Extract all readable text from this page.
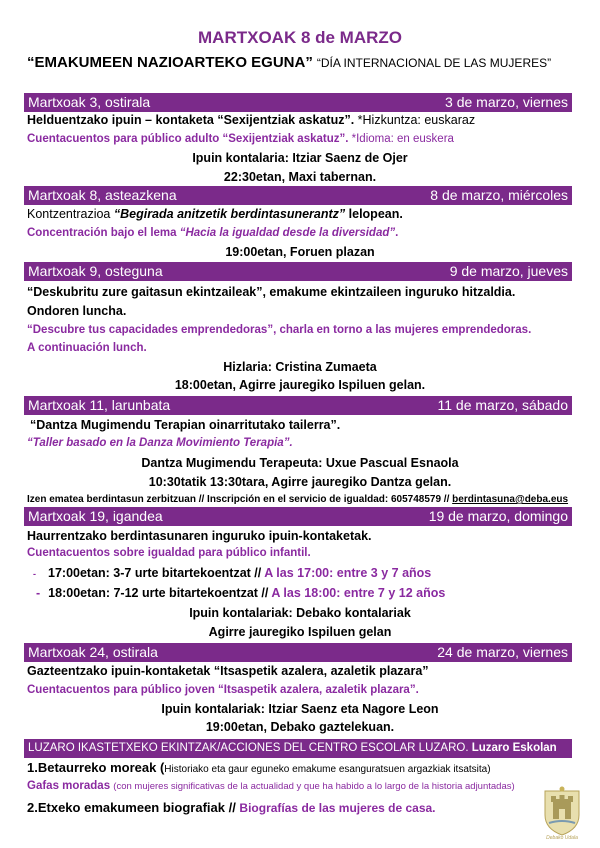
MARTXOAK 8 de MARZO
“EMAKUMEEN NAZIOARTEKO EGUNA” “DÍA INTERNACIONAL DE LAS MUJERES”
Martxoak 3, ostirala	3 de marzo, viernes
Helduentzako ipuin – kontaketa “Sexijentziak askatuz”. *Hizkuntza: euskaraz
Cuentacuentos para público adulto “Sexijentziak askatuz”. *Idioma: en euskera
Ipuin kontalaria: Itziar Saenz de Ojer
22:30etan, Maxi tabernan.
Martxoak 8, asteazkena	8 de marzo, miércoles
Kontzentrazioa “Begirada anitzetik berdintasunerantz” lelopean.
Concentración bajo el lema “Hacia la igualdad desde la diversidad”.
19:00etan, Foruen plazan
Martxoak 9, osteguna	9 de marzo, jueves
“Deskubritu zure gaitasun ekintzaileak”, emakume ekintzaileen inguruko hitzaldia.
Ondoren luncha.
“Descubre tus capacidades emprendedoras”, charla en torno a las mujeres emprendedoras.
A continuación lunch.
Hizlaria: Cristina Zumaeta
18:00etan, Agirre jauregiko Ispiluen gelan.
Martxoak 11, larunbata	11 de marzo, sábado
“Dantza Mugimendu Terapian oinarritutako tailerra”.
“Taller basado en la Danza Movimiento Terapia”.
Dantza Mugimendu Terapeuta: Uxue Pascual Esnaola
10:30tatik 13:30tara, Agirre jauregiko Dantza gelan.
Izen ematea berdintasun zerbitzuan // Inscripción en el servicio de igualdad: 605748579 // berdintasuna@deba.eus
Martxoak 19, igandea	19 de marzo, domingo
Haurrentzako berdintasunaren inguruko ipuin-kontaketak.
Cuentacuentos sobre igualdad para público infantil.
- 17:00etan: 3-7 urte bitartekoentzat // A las 17:00: entre 3 y 7 años
- 18:00etan: 7-12 urte bitartekoentzat // A las 18:00: entre 7 y 12 años
Ipuin kontalariak: Debako kontalariak
Agirre jauregiko Ispiluen gelan
Martxoak 24, ostirala	24 de marzo, viernes
Gazteentzako ipuin-kontaketak “Itsaspetik azalera, azaletik plazara”
Cuentacuentos para público joven “Itsaspetik azalera, azaletik plazara”.
Ipuin kontalariak: Itziar Saenz eta Nagore Leon
19:00etan, Debako gaztelekuan.
LUZARO IKASTETXEKO EKINTZAK/ACCIONES DEL CENTRO ESCOLAR LUZARO. Luzaro Eskolan
1.Betaurreko moreak (Historiako eta gaur eguneko emakume esanguratsuen argazkiak itsatsita)
Gafas moradas (con mujeres significativas de la actualidad y que ha habido a lo largo de la historia adjuntadas)
2.Etxeko emakumeen biografiak // Biografías de las mujeres de casa.
Debako Udala
